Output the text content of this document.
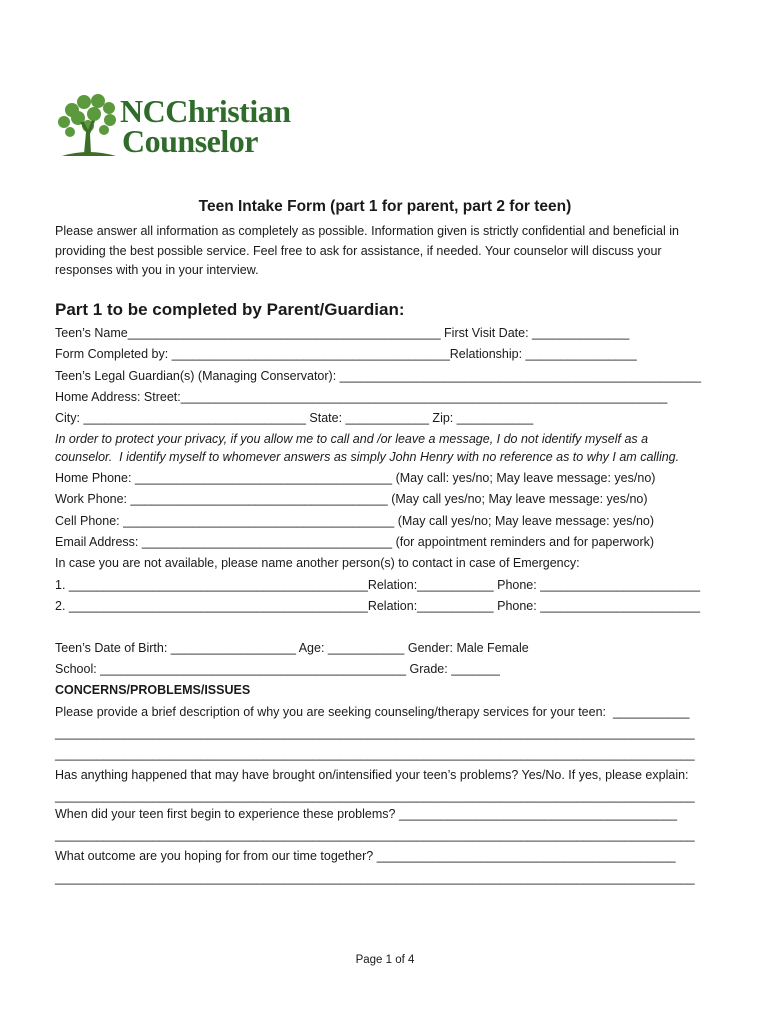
NCChristian
Counselor
Teen Intake Form (part 1 for parent, part 2 for teen)
Please answer all information as completely as possible. Information given is strictly confidential and beneficial in providing the best possible service. Feel free to ask for assistance, if needed. Your counselor will discuss your responses with you in your interview.
Part 1 to be completed by Parent/Guardian:
Teen’s Name_____________________________________________ First Visit Date: ______________
Form Completed by: ________________________________________Relationship: ________________
Teen’s Legal Guardian(s) (Managing Conservator): ____________________________________________________
Home Address: Street:______________________________________________________________________
City: ________________________________ State: ____________ Zip: ___________
In order to protect your privacy, if you allow me to call and /or leave a message, I do not identify myself as a
counselor.  I identify myself to whomever answers as simply John Henry with no reference as to why I am calling.
Home Phone: _____________________________________ (May call: yes/no; May leave message: yes/no)
Work Phone: _____________________________________ (May call yes/no; May leave message: yes/no)
Cell Phone: _______________________________________ (May call yes/no; May leave message: yes/no)
Email Address: ____________________________________ (for appointment reminders and for paperwork)
In case you are not available, please name another person(s) to contact in case of Emergency:
1. ___________________________________________Relation:___________ Phone: _______________________
2. ___________________________________________Relation:___________ Phone: _______________________
Teen’s Date of Birth: __________________ Age: ___________ Gender: Male Female
School: ____________________________________________ Grade: _______
CONCERNS/PROBLEMS/ISSUES
Please provide a brief description of why you are seeking counseling/therapy services for your teen:  ___________
____________________________________________________________________________________________
____________________________________________________________________________________________
Has anything happened that may have brought on/intensified your teen’s problems? Yes/No. If yes, please explain:
____________________________________________________________________________________________
When did your teen first begin to experience these problems? ________________________________________
____________________________________________________________________________________________
What outcome are you hoping for from our time together? ___________________________________________
____________________________________________________________________________________________
Page 1 of 4
